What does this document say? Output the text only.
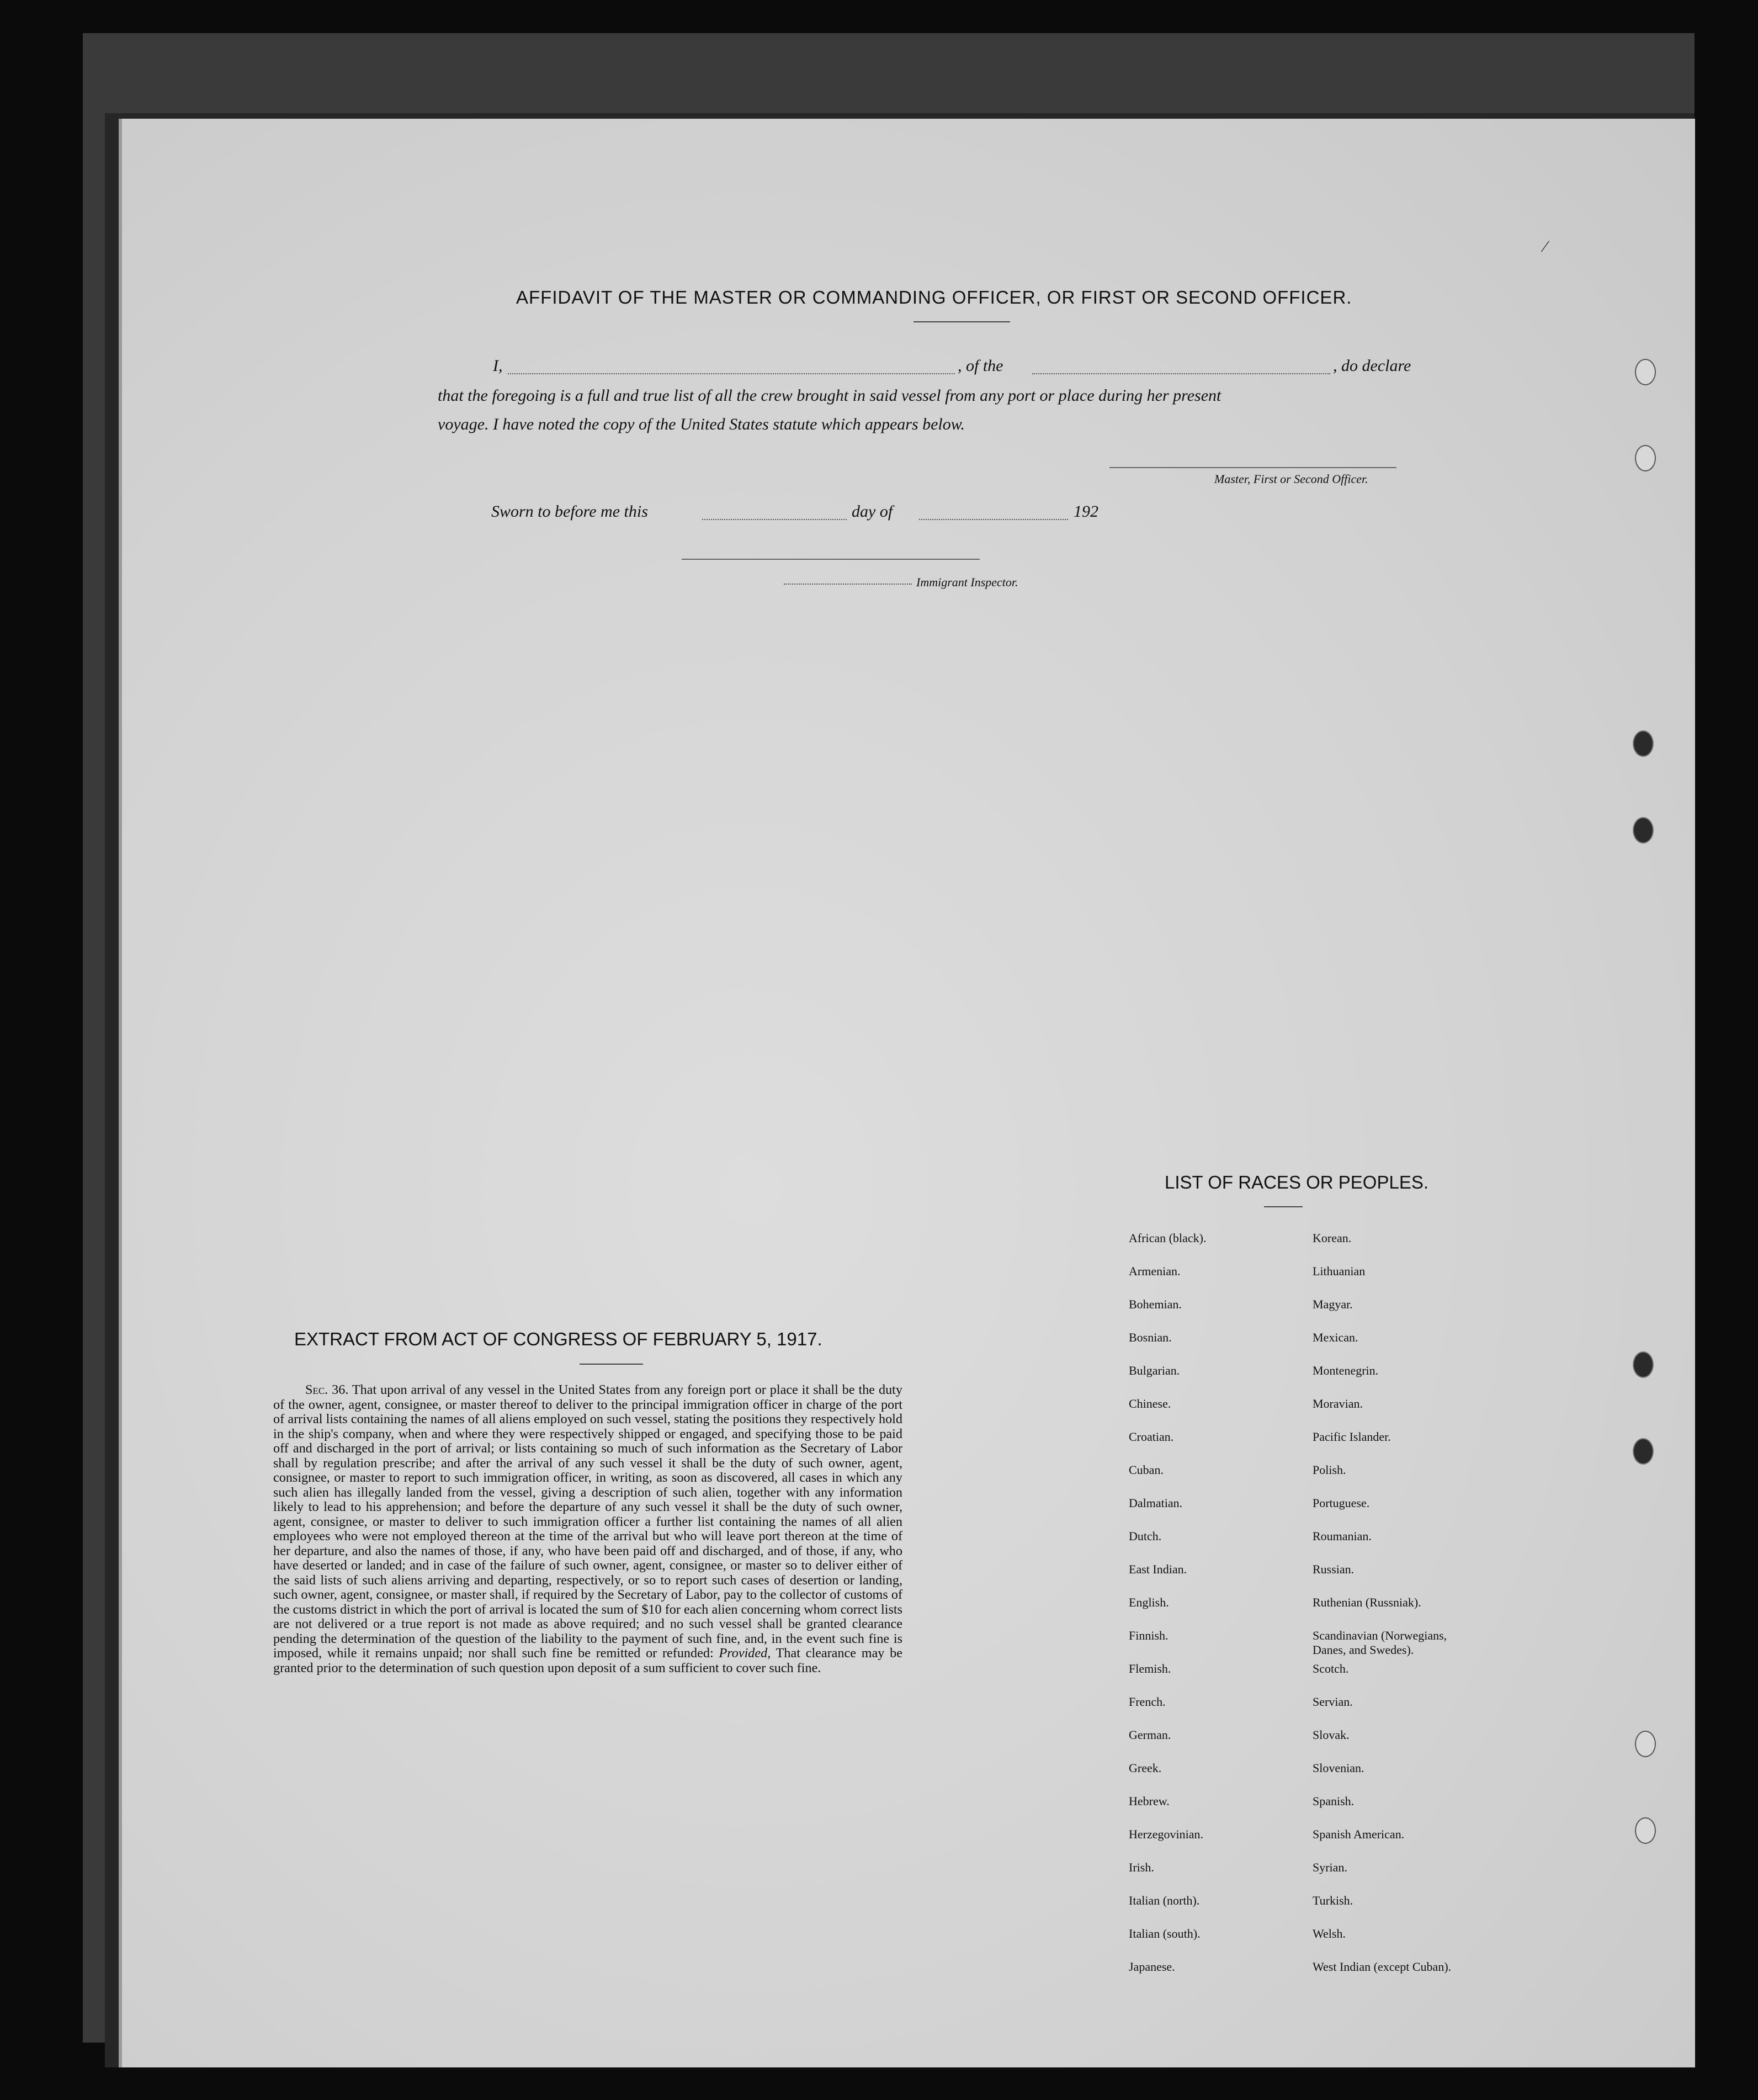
AFFIDAVIT OF THE MASTER OR COMMANDING OFFICER, OR FIRST OR SECOND OFFICER.
I,	, of the	, do declare
that the foregoing is a full and true list of all the crew brought in said vessel from any port or place during her present
voyage. I have noted the copy of the United States statute which appears below.
Master, First or Second Officer.
Sworn to before me this	day of	192
Immigrant Inspector.
EXTRACT FROM ACT OF CONGRESS OF FEBRUARY 5, 1917.
Sec. 36. That upon arrival of any vessel in the United States from any foreign port or place it shall be the duty of the owner, agent, consignee, or master thereof to deliver to the principal immigration officer in charge of the port of arrival lists containing the names of all aliens employed on such vessel, stating the positions they respectively hold in the ship's company, when and where they were respectively shipped or engaged, and specifying those to be paid off and discharged in the port of arrival; or lists containing so much of such information as the Secretary of Labor shall by regulation prescribe; and after the arrival of any such vessel it shall be the duty of such owner, agent, consignee, or master to report to such immigration officer, in writing, as soon as discovered, all cases in which any such alien has illegally landed from the vessel, giving a description of such alien, together with any information likely to lead to his apprehension; and before the departure of any such vessel it shall be the duty of such owner, agent, consignee, or master to deliver to such immigration officer a further list containing the names of all alien employees who were not employed thereon at the time of the arrival but who will leave port thereon at the time of her departure, and also the names of those, if any, who have been paid off and discharged, and of those, if any, who have deserted or landed; and in case of the failure of such owner, agent, consignee, or master so to deliver either of the said lists of such aliens arriving and departing, respectively, or so to report such cases of desertion or landing, such owner, agent, consignee, or master shall, if required by the Secretary of Labor, pay to the collector of customs of the customs district in which the port of arrival is located the sum of $10 for each alien concerning whom correct lists are not delivered or a true report is not made as above required; and no such vessel shall be granted clearance pending the determination of the question of the liability to the payment of such fine, and, in the event such fine is imposed, while it remains unpaid; nor shall such fine be remitted or refunded: Provided, That clearance may be granted prior to the determination of such question upon deposit of a sum sufficient to cover such fine.
LIST OF RACES OR PEOPLES.
African (black).
Armenian.
Bohemian.
Bosnian.
Bulgarian.
Chinese.
Croatian.
Cuban.
Dalmatian.
Dutch.
East Indian.
English.
Finnish.
Flemish.
French.
German.
Greek.
Hebrew.
Herzegovinian.
Irish.
Italian (north).
Italian (south).
Japanese.
Korean.
Lithuanian
Magyar.
Mexican.
Montenegrin.
Moravian.
Pacific Islander.
Polish.
Portuguese.
Roumanian.
Russian.
Ruthenian (Russniak).
Scandinavian (Norwegians, Danes, and Swedes).
Scotch.
Servian.
Slovak.
Slovenian.
Spanish.
Spanish American.
Syrian.
Turkish.
Welsh.
West Indian (except Cuban).
⁄
